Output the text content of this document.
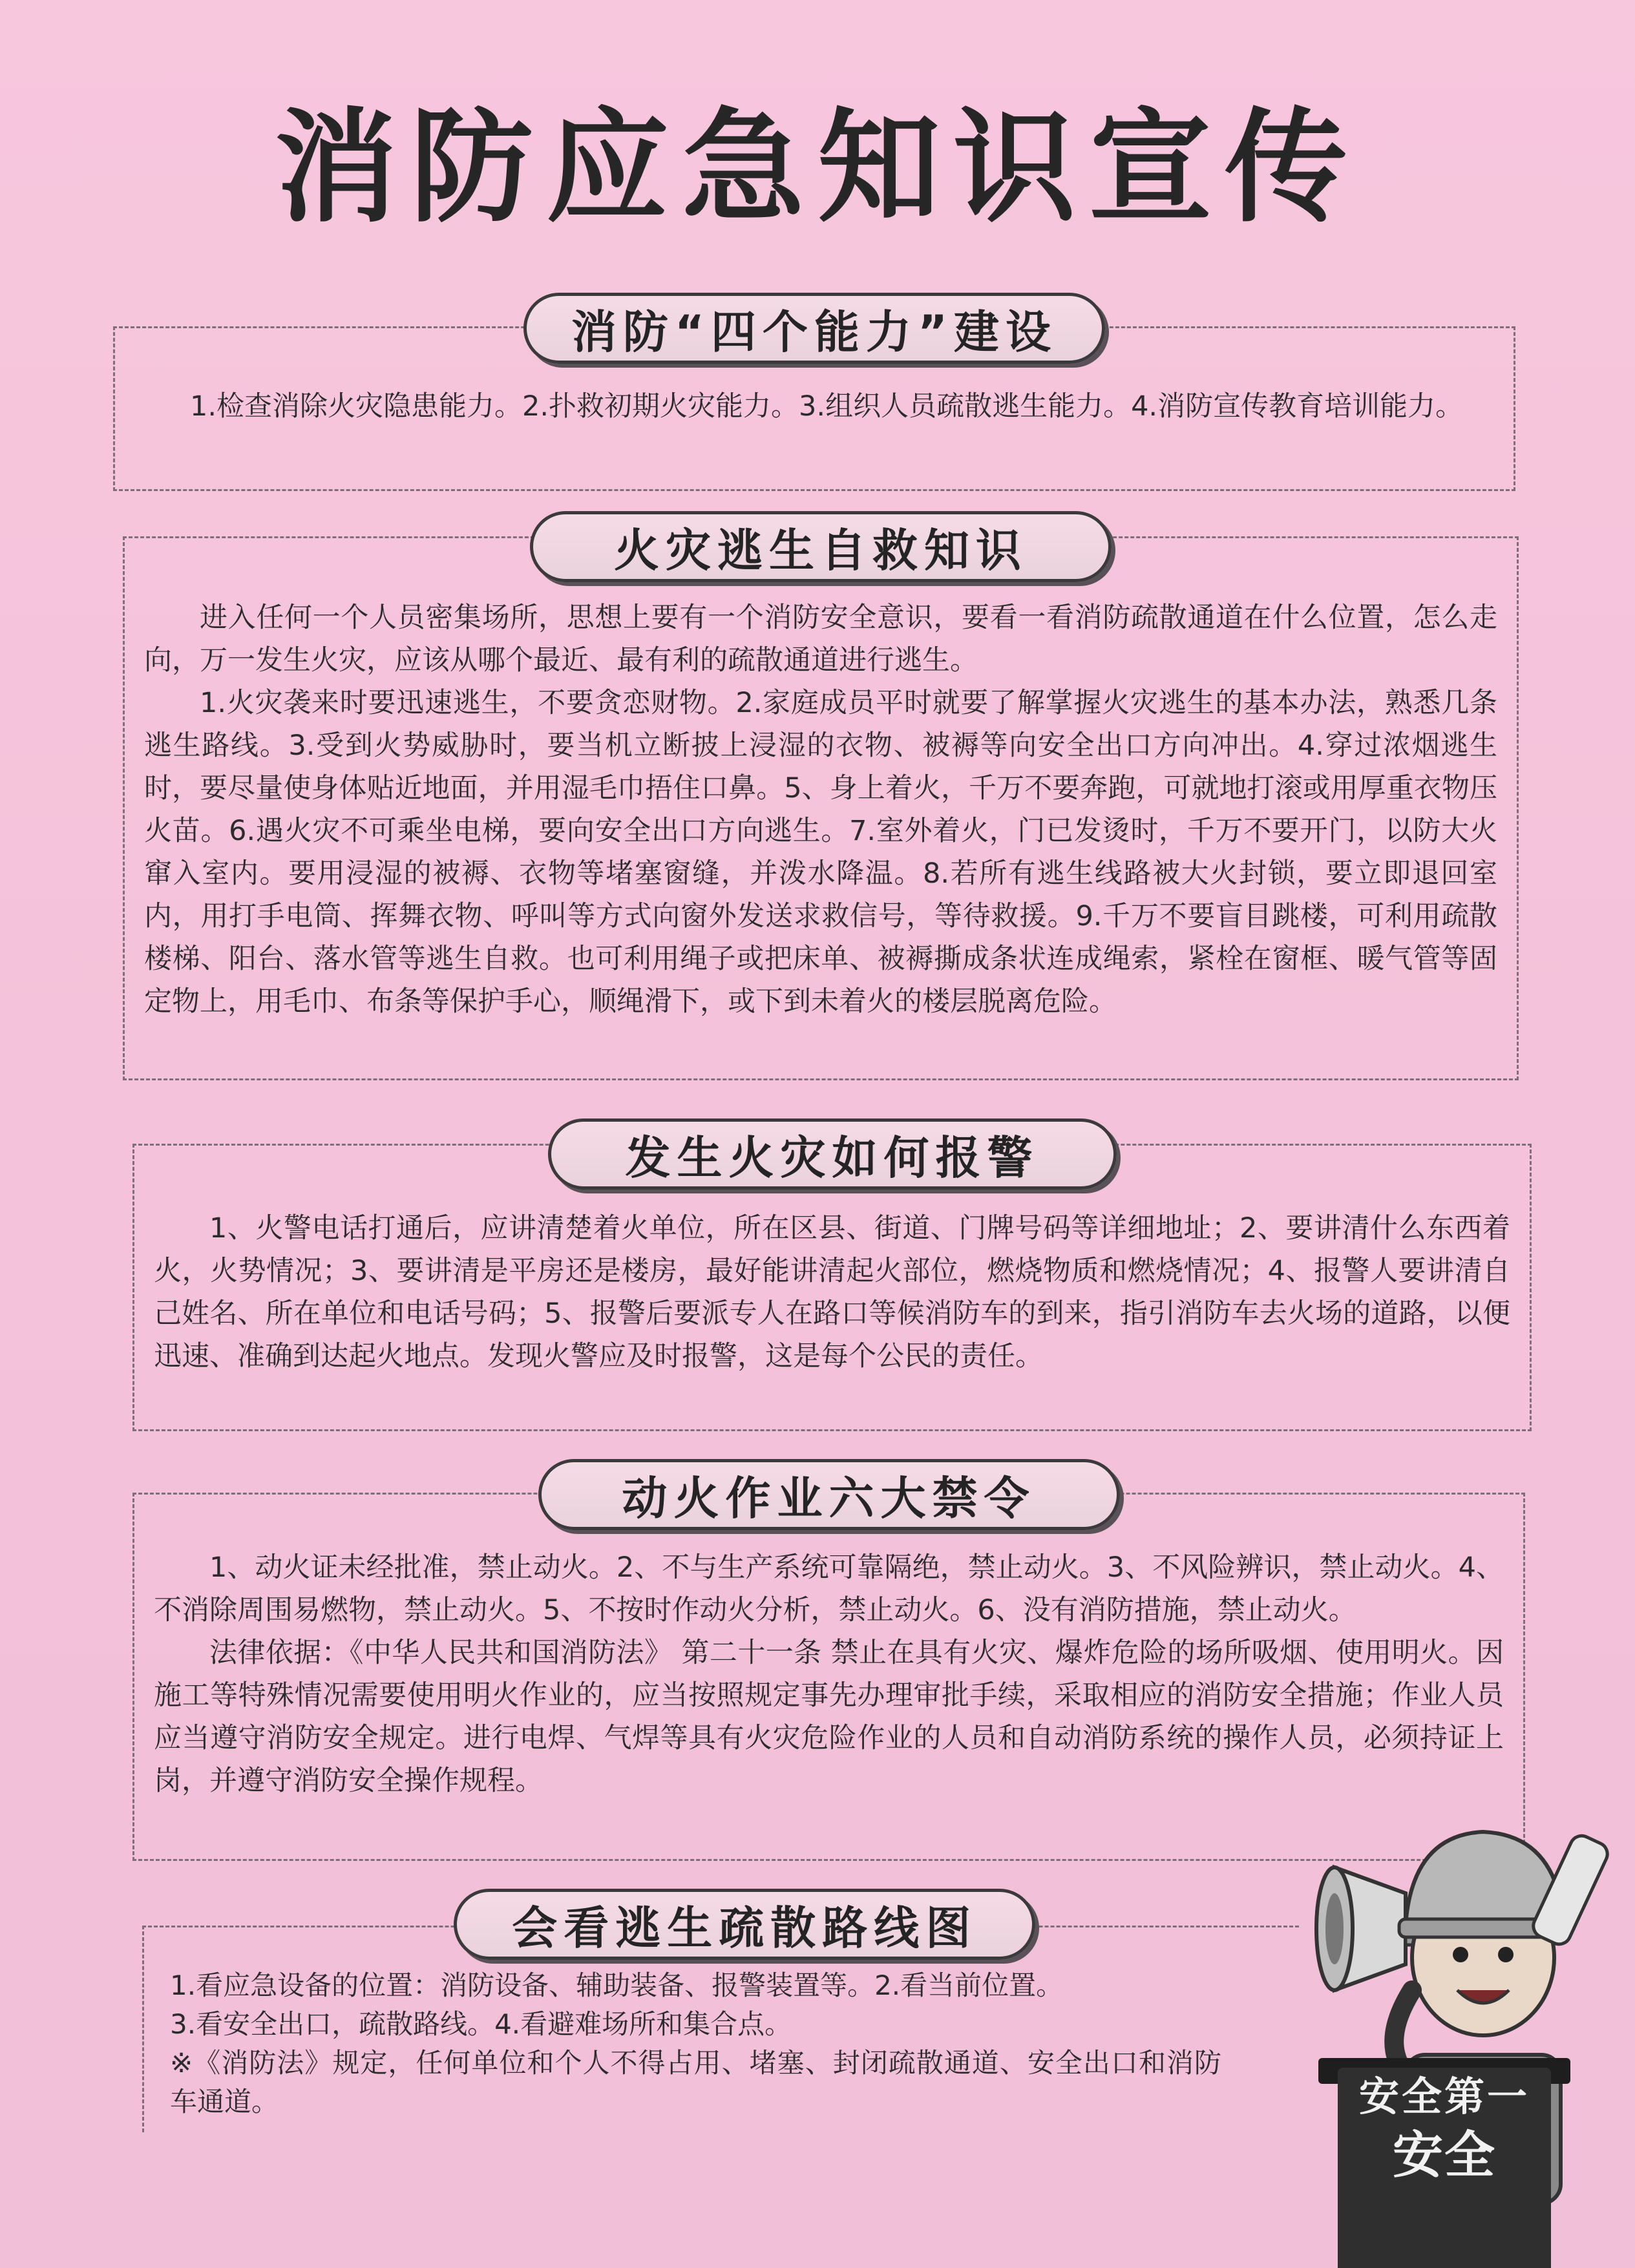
消防应急知识宣传
消防“四个能力”建设

1.检查消除火灾隐患能力。2.扑救初期火灾能力。3.组织人员疏散逃生能力。4.消防宣传教育培训能力。

火灾逃生自救知识

进入任何一个人员密集场所，思想上要有一个消防安全意识，要看一看消防疏散通道在什么位置，怎么走向，万一发生火灾，应该从哪个最近、最有利的疏散通道进行逃生。

1.火灾袭来时要迅速逃生，不要贪恋财物。2.家庭成员平时就要了解掌握火灾逃生的基本办法，熟悉几条逃生路线。3.受到火势威胁时，要当机立断披上浸湿的衣物、被褥等向安全出口方向冲出。4.穿过浓烟逃生时，要尽量使身体贴近地面，并用湿毛巾捂住口鼻。5、身上着火，千万不要奔跑，可就地打滚或用厚重衣物压火苗。6.遇火灾不可乘坐电梯，要向安全出口方向逃生。7.室外着火，门已发烫时，千万不要开门，以防大火窜入室内。要用浸湿的被褥、衣物等堵塞窗缝，并泼水降温。8.若所有逃生线路被大火封锁，要立即退回室内，用打手电筒、挥舞衣物、呼叫等方式向窗外发送求救信号，等待救援。9.千万不要盲目跳楼，可利用疏散楼梯、阳台、落水管等逃生自救。也可利用绳子或把床单、被褥撕成条状连成绳索，紧栓在窗框、暖气管等固定物上，用毛巾、布条等保护手心，顺绳滑下，或下到未着火的楼层脱离危险。

发生火灾如何报警

1、火警电话打通后，应讲清楚着火单位，所在区县、街道、门牌号码等详细地址；2、要讲清什么东西着火，火势情况；3、要讲清是平房还是楼房，最好能讲清起火部位，燃烧物质和燃烧情况；4、报警人要讲清自己姓名、所在单位和电话号码；5、报警后要派专人在路口等候消防车的到来，指引消防车去火场的道路，以便迅速、准确到达起火地点。发现火警应及时报警，这是每个公民的责任。

动火作业六大禁令

1、动火证未经批准，禁止动火。2、不与生产系统可靠隔绝，禁止动火。3、不风险辨识，禁止动火。4、不消除周围易燃物，禁止动火。5、不按时作动火分析，禁止动火。6、没有消防措施，禁止动火。

法律依据：《中华人民共和国消防法》 第二十一条 禁止在具有火灾、爆炸危险的场所吸烟、使用明火。因施工等特殊情况需要使用明火作业的，应当按照规定事先办理审批手续，采取相应的消防安全措施；作业人员应当遵守消防安全规定。进行电焊、气焊等具有火灾危险作业的人员和自动消防系统的操作人员，必须持证上岗，并遵守消防安全操作规程。

会看逃生疏散路线图

1.看应急设备的位置：消防设备、辅助装备、报警装置等。2.看当前位置。

3.看安全出口，疏散路线。4.看避难场所和集合点。

※《消防法》规定，任何单位和个人不得占用、堵塞、封闭疏散通道、安全出口和消防车通道。	安全第一
安全
